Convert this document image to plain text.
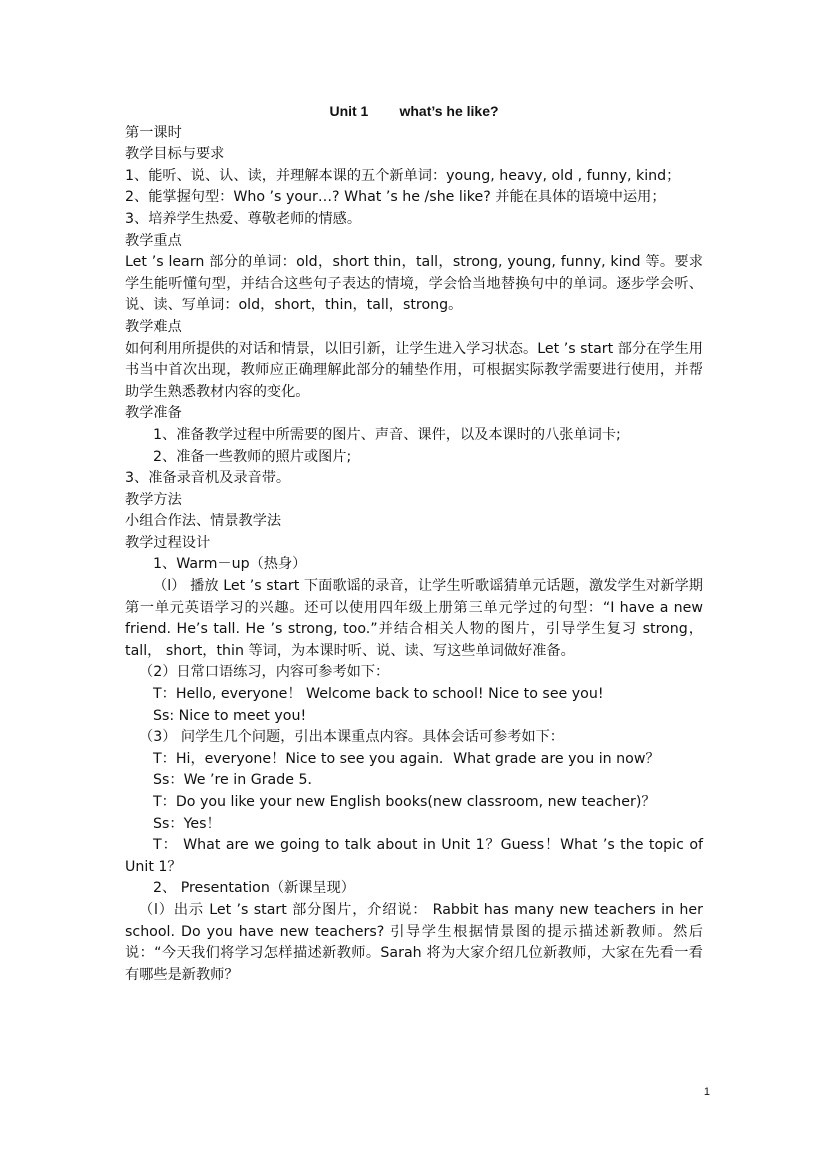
Unit 1        what’s he like?

第一课时

教学目标与要求

1、能听、说、认、读，并理解本课的五个新单词：young, heavy, old , funny, kind；

2、能掌握句型：Who ’s your…? What ’s he /she like? 并能在具体的语境中运用；

3、培养学生热爱、尊敬老师的情感。

教学重点

Let ’s learn 部分的单词：old，short thin，tall，strong, young, funny, kind 等。要求学生能听懂句型，并结合这些句子表达的情境，学会恰当地替换句中的单词。逐步学会听、说、读、写单词：old，short，thin，tall，strong。

教学难点

如何利用所提供的对话和情景，以旧引新，让学生进入学习状态。Let ’s start 部分在学生用书当中首次出现，教师应正确理解此部分的辅垫作用，可根据实际教学需要进行使用，并帮助学生熟悉教材内容的变化。

教学准备

1、准备教学过程中所需要的图片、声音、课件，以及本课时的八张单词卡;

2、准备一些教师的照片或图片;

3、准备录音机及录音带。

教学方法

小组合作法、情景教学法

教学过程设计

1、Warm－up（热身）

（l） 播放 Let ’s start 下面歌谣的录音，让学生听歌谣猜单元话题，激发学生对新学期第一单元英语学习的兴趣。还可以使用四年级上册第三单元学过的句型：“I have a new friend. He’s tall. He ’s strong, too.”并结合相关人物的图片，引导学生复习 strong， tall， short，thin 等词，为本课时听、说、读、写这些单词做好准备。

（2）日常口语练习，内容可参考如下：

T：Hello, everyone！ Welcome back to school! Nice to see you!

Ss: Nice to meet you!

（3） 问学生几个问题，引出本课重点内容。具体会话可参考如下：

T：Hi，everyone！Nice to see you again．What grade are you in now？

Ss：We ’re in Grade 5．

T：Do you like your new English books(new classroom, new teacher)？

Ss：Yes！

T： What are we going to talk about in Unit 1？Guess！What ’s the topic of Unit 1？

2、 Presentation（新课呈现）

（l）出示 Let ’s start 部分图片，介绍说： Rabbit has many new teachers in her school. Do you have new teachers? 引导学生根据情景图的提示描述新教师。然后说：“今天我们将学习怎样描述新教师。Sarah 将为大家介绍几位新教师，大家在先看一看有哪些是新教师？

1
